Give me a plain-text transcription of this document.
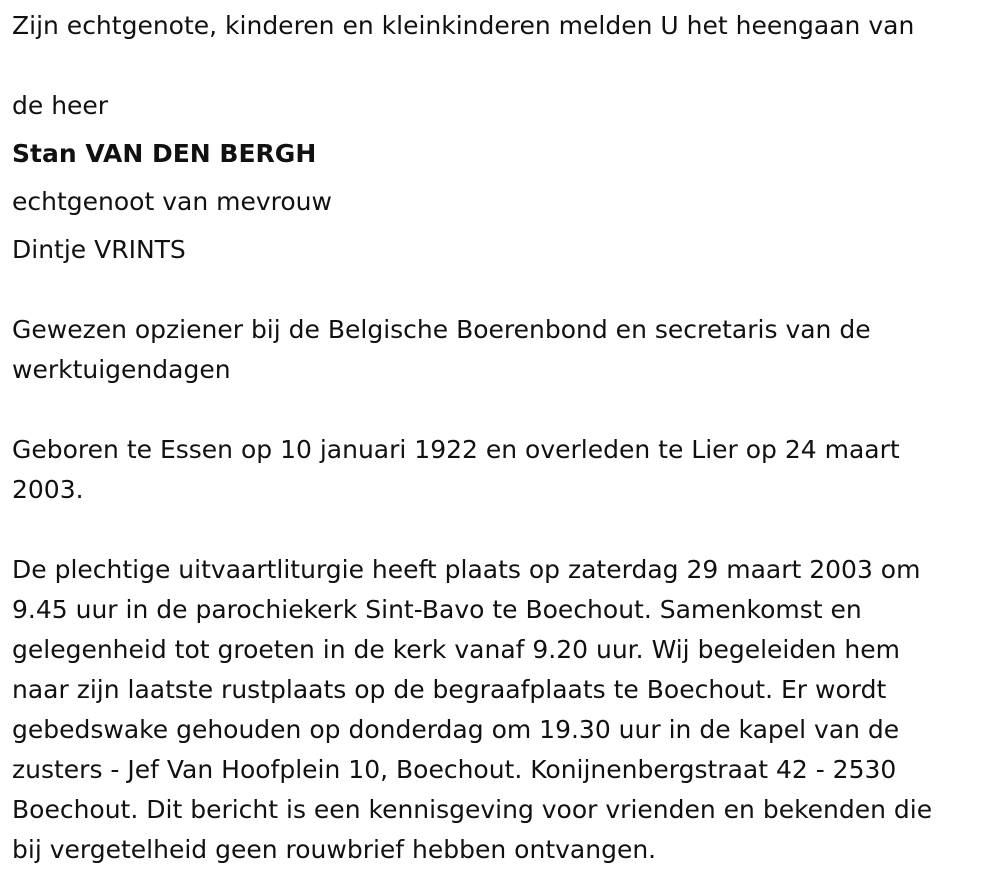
Zijn echtgenote, kinderen en kleinkinderen melden U het heengaan van

de heer

Stan VAN DEN BERGH

echtgenoot van mevrouw

Dintje VRINTS

Gewezen opziener bij de Belgische Boerenbond en secretaris van de

werktuigendagen

Geboren te Essen op 10 januari 1922 en overleden te Lier op 24 maart

2003.

De plechtige uitvaartliturgie heeft plaats op zaterdag 29 maart 2003 om

9.45 uur in de parochiekerk Sint-Bavo te Boechout. Samenkomst en

gelegenheid tot groeten in de kerk vanaf 9.20 uur. Wij begeleiden hem

naar zijn laatste rustplaats op de begraafplaats te Boechout. Er wordt

gebedswake gehouden op donderdag om 19.30 uur in de kapel van de

zusters - Jef Van Hoofplein 10, Boechout. Konijnenbergstraat 42 - 2530

Boechout. Dit bericht is een kennisgeving voor vrienden en bekenden die

bij vergetelheid geen rouwbrief hebben ontvangen.
